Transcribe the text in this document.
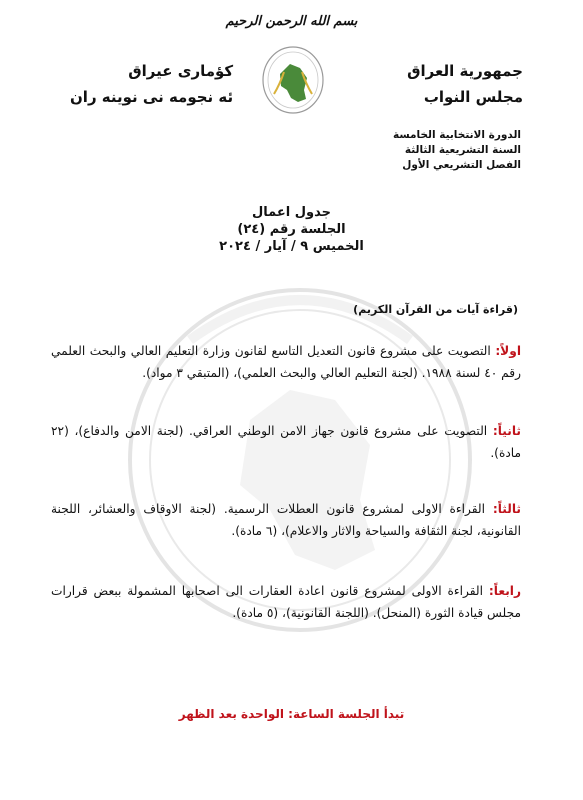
بسم الله الرحمن الرحيم
جمهورية العراق
مجلس النواب
كؤمارى عيراق
ئه نجومه نى نوينه ران
الدورة الانتخابية الخامسة
السنة التشريعية الثالثة
الفصل التشريعي الأول
جدول اعمال
الجلسة رقم (٢٤)
الخميس ٩ / آيار / ٢٠٢٤
(قراءة آيات من القرآن الكريم)
اولاً: التصويت على مشروع قانون التعديل التاسع لقانون وزارة التعليم العالي والبحث العلمي رقم ٤٠ لسنة ١٩٨٨. (لجنة التعليم العالي والبحث العلمي)، (المتبقي ٣ مواد).
ثانياً: التصويت على مشروع قانون جهاز الامن الوطني العراقي. (لجنة الامن والدفاع)، (٢٢ مادة).
ثالثاً: القراءة الاولى لمشروع قانون العطلات الرسمية. (لجنة الاوقاف والعشائر، اللجنة القانونية، لجنة الثقافة والسياحة والاثار والاعلام)، (٦ مادة).
رابعاً: القراءة الاولى لمشروع قانون اعادة العقارات الى اصحابها المشمولة ببعض قرارات مجلس قيادة الثورة (المنحل). (اللجنة القانونية)، (٥ مادة).
تبدأ الجلسة الساعة: الواحدة بعد الظهر
